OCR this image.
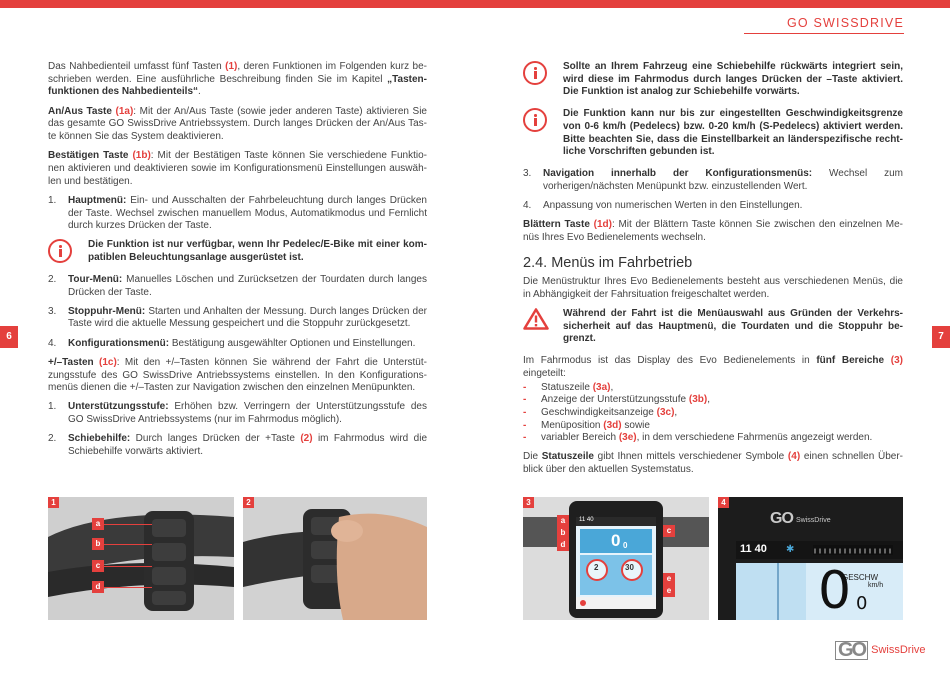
GO SWISSDRIVE
6	7

Das Nahbedienteil umfasst fünf Tasten (1), deren Funktionen im Folgenden kurz beschrieben werden. Eine ausführliche Beschreibung finden Sie im Kapitel „Tastenfunktionen des Nahbedienteils“.

An/Aus Taste (1a): Mit der An/Aus Taste (sowie jeder anderen Taste) aktivieren Sie das gesamte GO SwissDrive Antriebssystem. Durch langes Drücken der An/Aus Taste können Sie das System deaktivieren.

Bestätigen Taste (1b): Mit der Bestätigen Taste können Sie verschiedene Funktionen aktivieren und deaktivieren sowie im Konfigurationsmenü Einstellungen auswählen und bestätigen.

1.	Hauptmenü: Ein- und Ausschalten der Fahrbeleuchtung durch langes Drücken der Taste. Wechsel zwischen manuellem Modus, Automatikmodus und Fernlicht durch kurzes Drücken der Taste.
Die Funktion ist nur verfügbar, wenn Ihr Pedelec/E-Bike mit einer kompatiblen Beleuchtungsanlage ausgerüstet ist.
2.	Tour-Menü: Manuelles Löschen und Zurücksetzen der Tourdaten durch langes Drücken der Taste.
3.	Stoppuhr-Menü: Starten und Anhalten der Messung. Durch langes Drücken der Taste wird die aktuelle Messung gespeichert und die Stoppuhr zurückgesetzt.
4.	Konfigurationsmenü: Bestätigung ausgewählter Optionen und Einstellungen.

+/–Tasten (1c): Mit den +/–Tasten können Sie während der Fahrt die Unterstützungsstufe des GO SwissDrive Antriebssystems einstellen. In den Konfigurationsmenüs dienen die +/–Tasten zur Navigation zwischen den einzelnen Menüpunkten.

1.	Unterstützungsstufe: Erhöhen bzw. Verringern der Unterstützungsstufe des GO SwissDrive Antriebssystems (nur im Fahrmodus möglich).
2.	Schiebehilfe: Durch langes Drücken der +Taste (2) im Fahrmodus wird die Schiebehilfe vorwärts aktiviert.
Sollte an Ihrem Fahrzeug eine Schiebehilfe rückwärts integriert sein, wird diese im Fahrmodus durch langes Drücken der –Taste aktiviert. Die Funktion ist analog zur Schiebehilfe vorwärts.
Die Funktion kann nur bis zur eingestellten Geschwindigkeitsgrenze von 0-6 km/h (Pedelecs) bzw. 0-20 km/h (S-Pedelecs) aktiviert werden. Bitte beachten Sie, dass die Einstellbarkeit an länderspezifische rechtliche Vorschriften gebunden ist.
3.	Navigation innerhalb der Konfigurationsmenüs: Wechsel zum vorherigen/nächsten Menüpunkt bzw. einzustellenden Wert.
4.	Anpassung von numerischen Werten in den Einstellungen.

Blättern Taste (1d): Mit der Blättern Taste können Sie zwischen den einzelnen Menüs Ihres Evo Bedienelements wechseln.

2.4. Menüs im Fahrbetrieb

Die Menüstruktur Ihres Evo Bedienelements besteht aus verschiedenen Menüs, die in Abhängigkeit der Fahrsituation freigeschaltet werden.

Während der Fahrt ist die Menüauswahl aus Gründen der Verkehrssicherheit auf das Hauptmenü, die Tourdaten und die Stoppuhr begrenzt.

Im Fahrmodus ist das Display des Evo Bedienelements in fünf Bereiche (3) eingeteilt:

-	Statuszeile (3a),
-	Anzeige der Unterstützungsstufe (3b),
-	Geschwindigkeitsanzeige (3c),
-	Menüposition (3d) sowie
-	variabler Bereich (3e), in dem verschiedene Fahrmenüs angezeigt werden.

Die Statuszeile gibt Ihnen mittels verschiedener Symbole (4) einen schnellen Überblick über den aktuellen Systemstatus.

1
a
b
c
d
2	3
11 40
0 0
2	30
a
b
d
c
e
e
4
GO SwissDrive
11 40 ✱
GESCHW
km/h
0 0
GO SwissDrive
